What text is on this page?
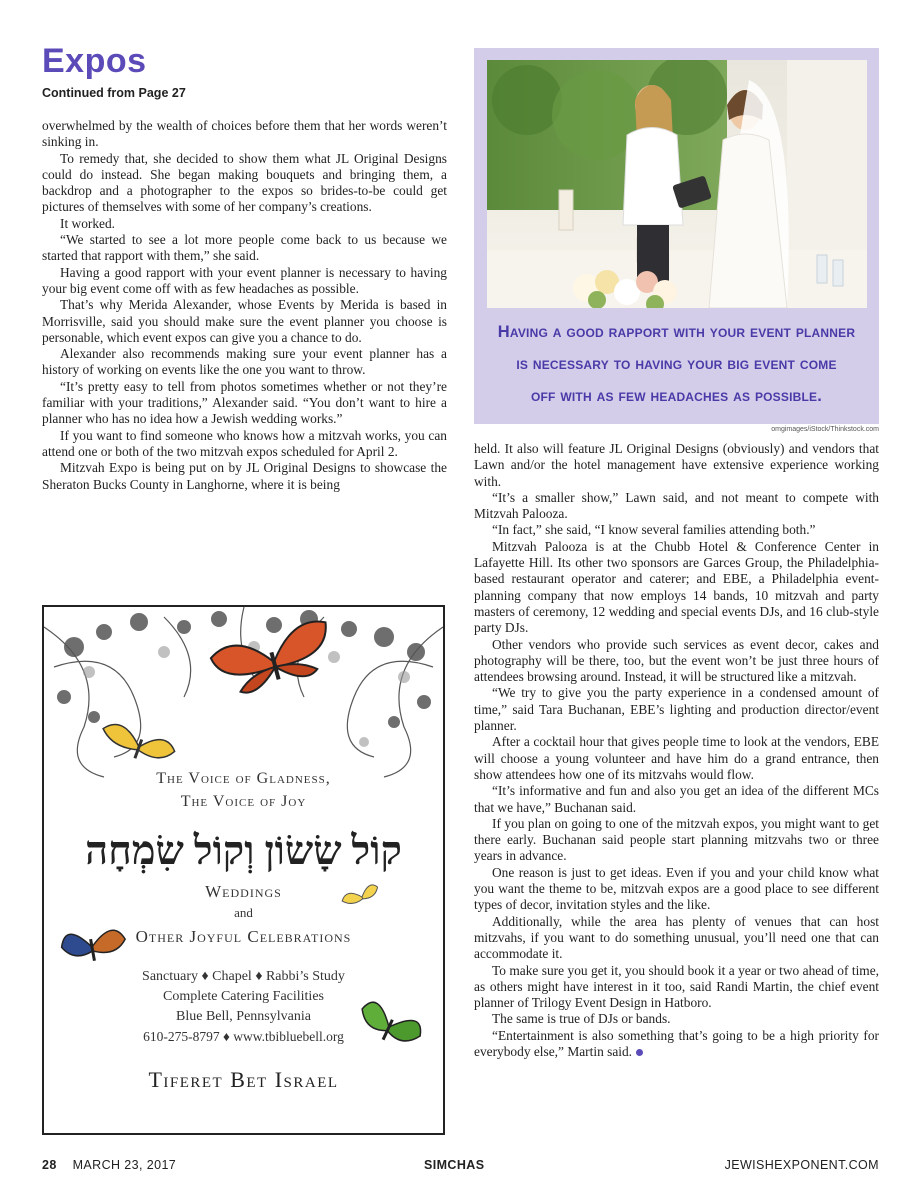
Expos
Continued from Page 27

overwhelmed by the wealth of choices before them that her words weren’t sinking in.

To remedy that, she decided to show them what JL Original Designs could do instead. She began making bouquets and bringing them, a backdrop and a photographer to the expos so brides-to-be could get pictures of themselves with some of her company’s creations.

It worked.

“We started to see a lot more people come back to us because we started that rapport with them,” she said.

Having a good rapport with your event planner is necessary to having your big event come off with as few headaches as possible.

That’s why Merida Alexander, whose Events by Merida is based in Morrisville, said you should make sure the event planner you choose is personable, which event expos can give you a chance to do.

Alexander also recommends making sure your event planner has a history of working on events like the one you want to throw.

“It’s pretty easy to tell from photos sometimes whether or not they’re familiar with your traditions,” Alexander said. “You don’t want to hire a planner who has no idea how a Jewish wedding works.”

If you want to find someone who knows how a mitzvah works, you can attend one or both of the two mitzvah expos scheduled for April 2.

Mitzvah Expo is being put on by JL Original Designs to showcase the Sheraton Bucks County in Langhorne, where it is being

Having a good rapport with your event planner
is necessary to having your big event come
off with as few headaches as possible.
omgimages/iStock/Thinkstock.com

held. It also will feature JL Original Designs (obviously) and vendors that Lawn and/or the hotel management have extensive experience working with.

“It’s a smaller show,” Lawn said, and not meant to compete with Mitzvah Palooza.

“In fact,” she said, “I know several families attending both.”

Mitzvah Palooza is at the Chubb Hotel & Conference Center in Lafayette Hill. Its other two sponsors are Garces Group, the Philadelphia-based restaurant operator and caterer; and EBE, a Philadelphia event-planning company that now employs 14 bands, 10 mitzvah and party masters of ceremony, 12 wedding and special events DJs, and 16 club-style party DJs.

Other vendors who provide such services as event decor, cakes and photography will be there, too, but the event won’t be just three hours of attendees browsing around. Instead, it will be structured like a mitzvah.

“We try to give you the party experience in a condensed amount of time,” said Tara Buchanan, EBE’s lighting and production director/event planner.

After a cocktail hour that gives people time to look at the vendors, EBE will choose a young volunteer and have him do a grand entrance, then show attendees how one of its mitzvahs would flow.

“It’s informative and fun and also you get an idea of the different MCs that we have,” Buchanan said.

If you plan on going to one of the mitzvah expos, you might want to get there early. Buchanan said people start planning mitzvahs two or three years in advance.

One reason is just to get ideas. Even if you and your child know what you want the theme to be, mitzvah expos are a good place to see different types of decor, invitation styles and the like.

Additionally, while the area has plenty of venues that can host mitzvahs, if you want to do something unusual, you’ll need one that can accommodate it.

To make sure you get it, you should book it a year or two ahead of time, as others might have interest in it too, said Randi Martin, the chief event planner of Trilogy Event Design in Hatboro.

The same is true of DJs or bands.

“Entertainment is also something that’s going to be a high priority for everybody else,” Martin said.

The Voice of Gladness,
The Voice of Joy
קוֹל שָׂשׂוֹן וְקוֹל שִׂמְחָה
Weddings
and
Other Joyful Celebrations
Sanctuary ♦ Chapel ♦ Rabbi’s Study
Complete Catering Facilities
Blue Bell, Pennsylvania
610-275-8797 ♦ www.tbibluebell.org
Tiferet Bet Israel
28 MARCH 23, 2017	SIMCHAS	JEWISHEXPONENT.COM
